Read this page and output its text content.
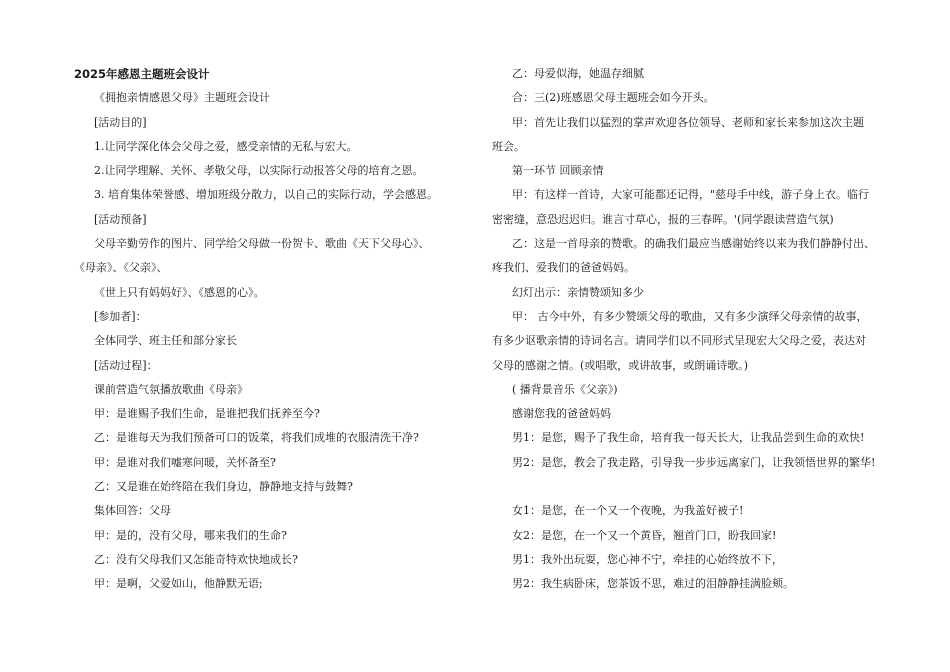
2025年感恩主题班会设计
《拥抱亲情感恩父母》主题班会设计
[活动目的]
1.让同学深化体会父母之爱，感受亲情的无私与宏大。
2.让同学理解、关怀、孝敬父母，以实际行动报答父母的培育之恩。
3. 培育集体荣誉感、增加班级分散力，以自己的实际行动，学会感恩。
[活动预备]
父母辛勤劳作的图片、同学给父母做一份贺卡、歌曲《天下父母心》、
《母亲》、《父亲》、
《世上只有妈妈好》、《感恩的心》。
[参加者]：
全体同学、班主任和部分家长
[活动过程]：
课前营造气氛播放歌曲《母亲》
甲：是谁赐予我们生命，是谁把我们抚养至今?
乙：是谁每天为我们预备可口的饭菜，将我们成堆的衣服清洗干净?
甲：是谁对我们嘘寒问暖，关怀备至?
乙：又是谁在始终陪在我们身边，静静地支持与鼓舞?
集体回答：父母
甲：是的，没有父母，哪来我们的生命?
乙：没有父母我们又怎能奇特欢快地成长?
甲：是啊，父爱如山，他静默无语;
乙：母爱似海，她温存细腻
合：三(2)班感恩父母主题班会如今开头。
甲：首先让我们以猛烈的掌声欢迎各位领导、老师和家长来参加这次主题
班会。
第一环节 回顾亲情
甲：有这样一首诗，大家可能都还记得，"慈母手中线，游子身上衣。临行
密密缝，意恐迟迟归。谁言寸草心，报的三春晖。'(同学跟读营造气氛)
乙：这是一首母亲的赞歌。的确我们最应当感谢始终以来为我们静静付出、
疼我们、爱我们的爸爸妈妈。
幻灯出示：亲情赞颂知多少
甲： 古今中外，有多少赞颂父母的歌曲，又有多少演绎父母亲情的故事，
有多少讴歌亲情的诗词名言。请同学们以不同形式呈现宏大父母之爱，表达对
父母的感谢之情。(或唱歌，或讲故事，或朗诵诗歌。)
( 播背景音乐《父亲》)
感谢您我的爸爸妈妈
男1：是您，赐予了我生命，培育我一每天长大，让我品尝到生命的欢快!
男2：是您，教会了我走路，引导我一步步远离家门，让我领悟世界的繁华!
女1：是您，在一个又一个夜晚，为我盖好被子!
女2：是您，在一个又一个黄昏，翘首门口，盼我回家!
男1：我外出玩耍，您心神不宁，牵挂的心始终放不下，
男2：我生病卧床，您茶饭不思，难过的泪静静挂满脸颊。
